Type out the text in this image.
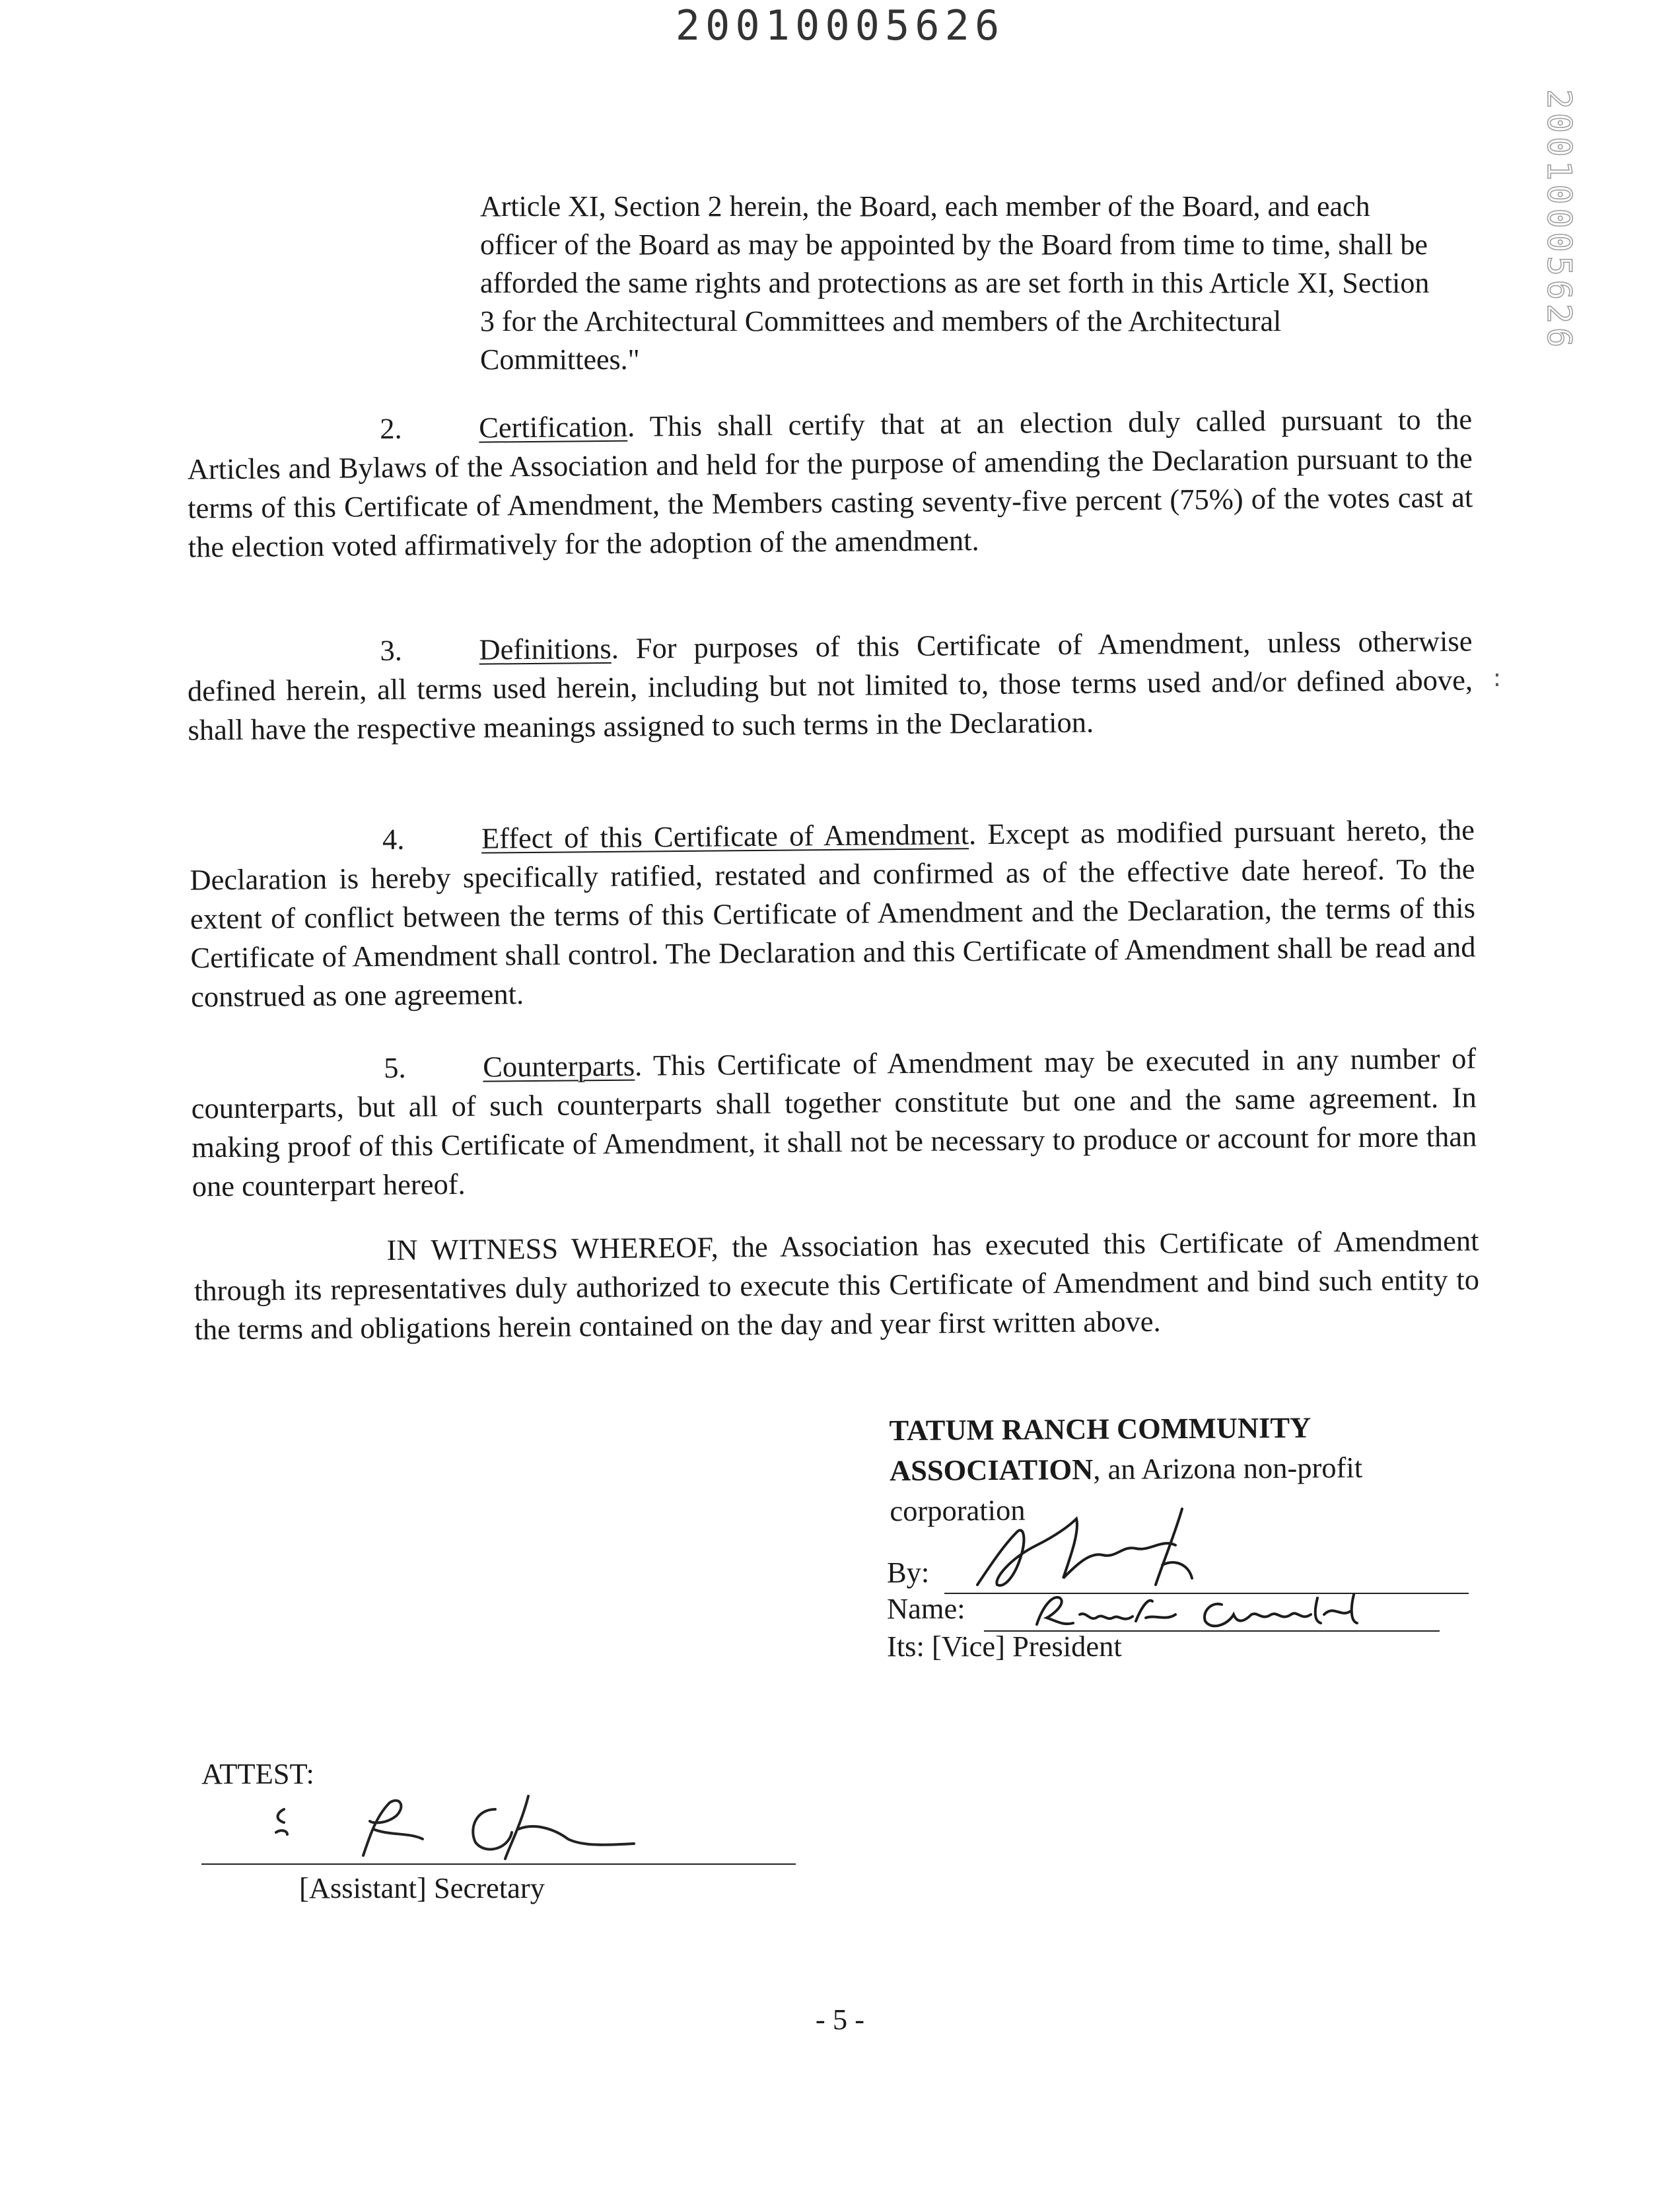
20010005626
20010005626

Article XI, Section 2 herein, the Board, each member of the Board, and each officer of the Board as may be appointed by the Board from time to time, shall be afforded the same rights and protections as are set forth in this Article XI, Section 3 for the Architectural Committees and members of the Architectural Committees."

2.	Certification. This shall certify that at an election duly called pursuant to the Articles and Bylaws of the Association and held for the purpose of amending the Declaration pursuant to the terms of this Certificate of Amendment, the Members casting seventy-five percent (75%) of the votes cast at the election voted affirmatively for the adoption of the amendment.

3.	Definitions. For purposes of this Certificate of Amendment, unless otherwise defined herein, all terms used herein, including but not limited to, those terms used and/or defined above, shall have the respective meanings assigned to such terms in the Declaration.

4.	Effect of this Certificate of Amendment. Except as modified pursuant hereto, the Declaration is hereby specifically ratified, restated and confirmed as of the effective date hereof. To the extent of conflict between the terms of this Certificate of Amendment and the Declaration, the terms of this Certificate of Amendment shall control. The Declaration and this Certificate of Amendment shall be read and construed as one agreement.

5.	Counterparts. This Certificate of Amendment may be executed in any number of counterparts, but all of such counterparts shall together constitute but one and the same agreement. In making proof of this Certificate of Amendment, it shall not be necessary to produce or account for more than one counterpart hereof.

IN WITNESS WHEREOF, the Association has executed this Certificate of Amendment through its representatives duly authorized to execute this Certificate of Amendment and bind such entity to the terms and obligations herein contained on the day and year first written above.

∶
TATUM RANCH COMMUNITY
ASSOCIATION, an Arizona non-profit
corporation
By:
Name:
Its: [Vice] President
ATTEST:
[Assistant] Secretary
- 5 -
